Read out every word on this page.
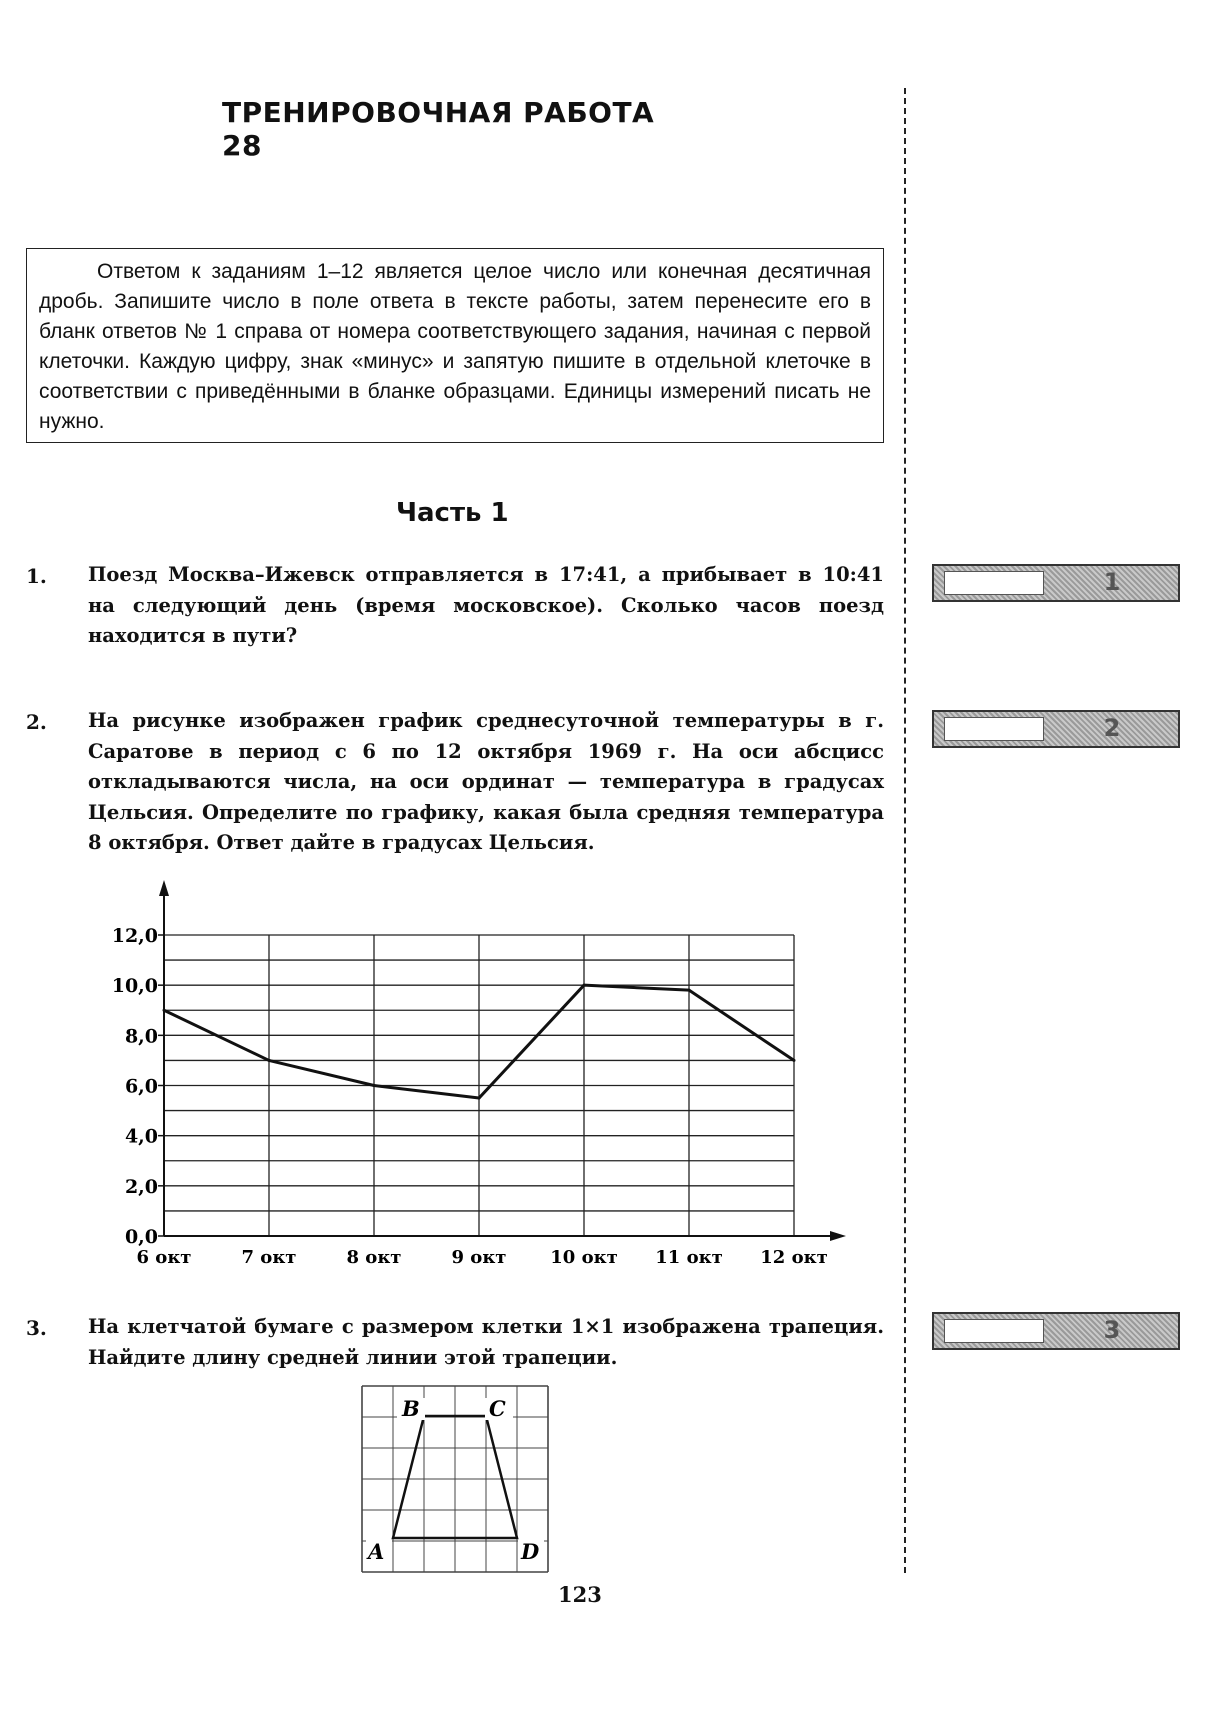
ТРЕНИРОВОЧНАЯ РАБОТА 28

Ответом к заданиям 1–12 является целое число или конечная десятичная дробь. Запишите число в поле ответа в тексте работы, затем перенесите его в бланк ответов № 1 справа от номера соответствующего задания, начиная с первой клеточки. Каждую цифру, знак «минус» и запятую пишите в отдельной клеточке в соответствии с приведёнными в бланке образцами. Единицы измерений писать не нужно.

Часть 1
1. Поезд Москва–Ижевск отправляется в 17:41, а прибывает в 10:41 на следующий день (время московское). Сколько часов поезд находится в пути?

1
2. На рисунке изображен график среднесуточной температуры в г. Саратове в период с 6 по 12 октября 1969 г. На оси абсцисс откладываются числа, на оси ординат — температура в градусах Цельсия. Определите по графику, какая была средняя температура 8 октября. Ответ дайте в градусах Цельсия.

2
0,0
2,0
4,0
6,0
8,0
10,0
12,0
6 окт	7 окт	8 окт	9 окт 10 окт 11 окт 12 окт
B	C
A	D
3. На клетчатой бумаге с размером клетки 1×1 изображена трапеция. Найдите длину средней линии этой трапеции.

3
123
